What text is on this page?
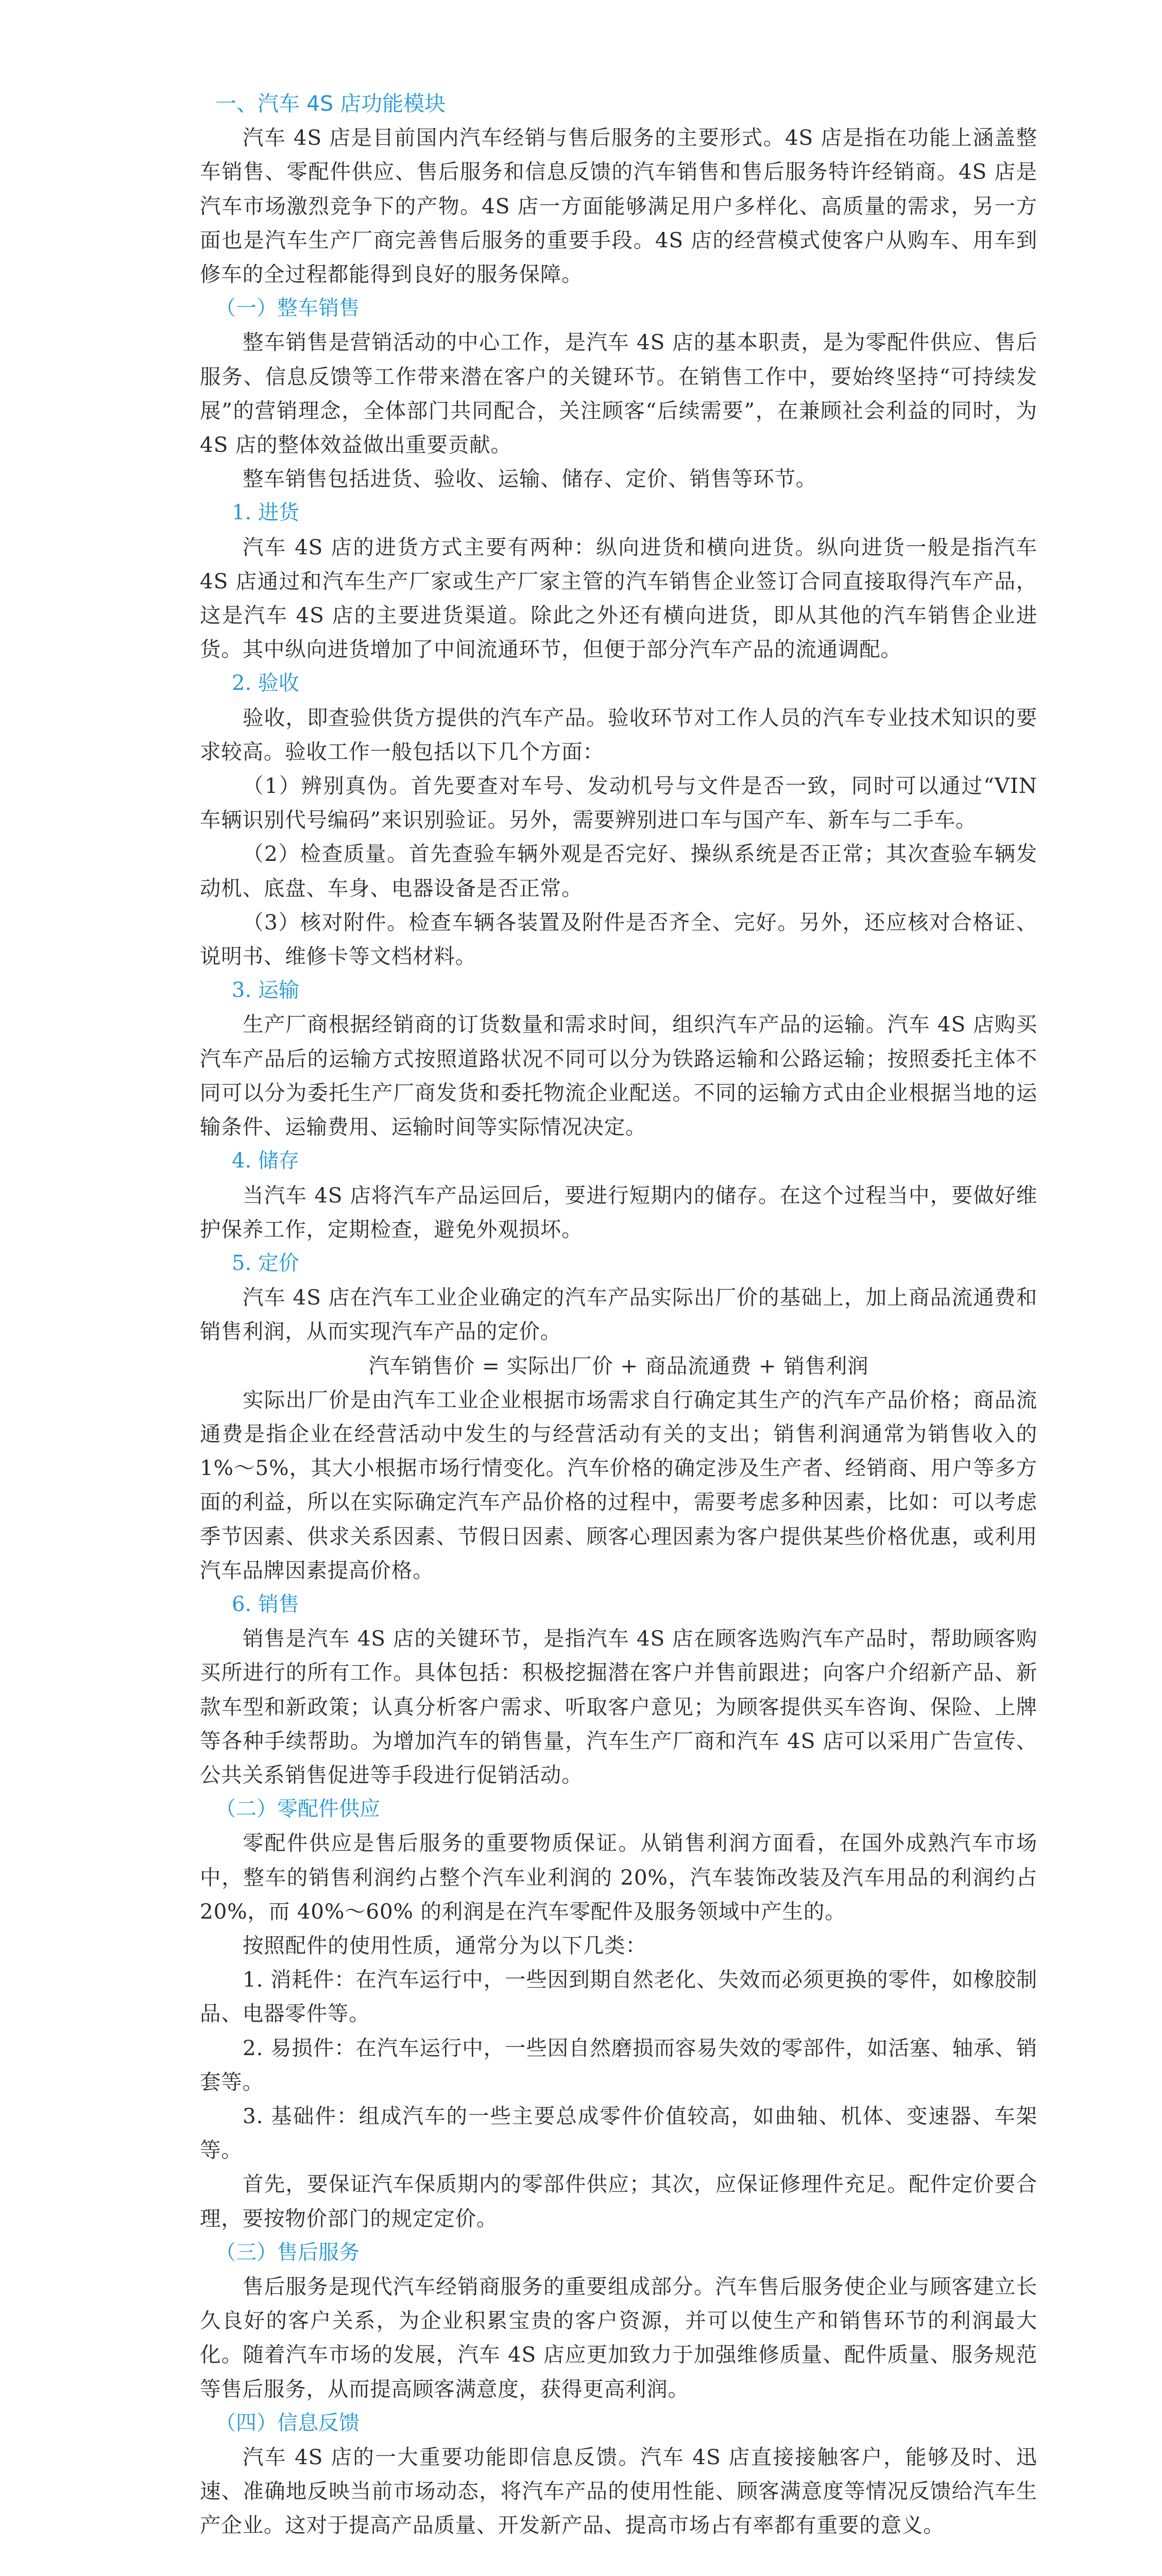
一、汽车 4S 店功能模块

汽车 4S 店是目前国内汽车经销与售后服务的主要形式。4S 店是指在功能上涵盖整车销售、零配件供应、售后服务和信息反馈的汽车销售和售后服务特许经销商。4S 店是汽车市场激烈竞争下的产物。4S 店一方面能够满足用户多样化、高质量的需求，另一方面也是汽车生产厂商完善售后服务的重要手段。4S 店的经营模式使客户从购车、用车到修车的全过程都能得到良好的服务保障。

（一）整车销售

整车销售是营销活动的中心工作，是汽车 4S 店的基本职责，是为零配件供应、售后服务、信息反馈等工作带来潜在客户的关键环节。在销售工作中，要始终坚持“可持续发展”的营销理念，全体部门共同配合，关注顾客“后续需要”，在兼顾社会利益的同时，为 4S 店的整体效益做出重要贡献。

整车销售包括进货、验收、运输、储存、定价、销售等环节。

1. 进货

汽车 4S 店的进货方式主要有两种：纵向进货和横向进货。纵向进货一般是指汽车 4S 店通过和汽车生产厂家或生产厂家主管的汽车销售企业签订合同直接取得汽车产品，这是汽车 4S 店的主要进货渠道。除此之外还有横向进货，即从其他的汽车销售企业进货。其中纵向进货增加了中间流通环节，但便于部分汽车产品的流通调配。

2. 验收

验收，即查验供货方提供的汽车产品。验收环节对工作人员的汽车专业技术知识的要求较高。验收工作一般包括以下几个方面：

（1）辨别真伪。首先要查对车号、发动机号与文件是否一致，同时可以通过“VIN 车辆识别代号编码”来识别验证。另外，需要辨别进口车与国产车、新车与二手车。

（2）检查质量。首先查验车辆外观是否完好、操纵系统是否正常；其次查验车辆发动机、底盘、车身、电器设备是否正常。

（3）核对附件。检查车辆各装置及附件是否齐全、完好。另外，还应核对合格证、说明书、维修卡等文档材料。

3. 运输

生产厂商根据经销商的订货数量和需求时间，组织汽车产品的运输。汽车 4S 店购买汽车产品后的运输方式按照道路状况不同可以分为铁路运输和公路运输；按照委托主体不同可以分为委托生产厂商发货和委托物流企业配送。不同的运输方式由企业根据当地的运输条件、运输费用、运输时间等实际情况决定。

4. 储存

当汽车 4S 店将汽车产品运回后，要进行短期内的储存。在这个过程当中，要做好维护保养工作，定期检查，避免外观损坏。

5. 定价

汽车 4S 店在汽车工业企业确定的汽车产品实际出厂价的基础上，加上商品流通费和销售利润，从而实现汽车产品的定价。

汽车销售价 = 实际出厂价 + 商品流通费 + 销售利润

实际出厂价是由汽车工业企业根据市场需求自行确定其生产的汽车产品价格；商品流通费是指企业在经营活动中发生的与经营活动有关的支出；销售利润通常为销售收入的 1%～5%，其大小根据市场行情变化。汽车价格的确定涉及生产者、经销商、用户等多方面的利益，所以在实际确定汽车产品价格的过程中，需要考虑多种因素，比如：可以考虑季节因素、供求关系因素、节假日因素、顾客心理因素为客户提供某些价格优惠，或利用汽车品牌因素提高价格。

6. 销售

销售是汽车 4S 店的关键环节，是指汽车 4S 店在顾客选购汽车产品时，帮助顾客购买所进行的所有工作。具体包括：积极挖掘潜在客户并售前跟进；向客户介绍新产品、新款车型和新政策；认真分析客户需求、听取客户意见；为顾客提供买车咨询、保险、上牌等各种手续帮助。为增加汽车的销售量，汽车生产厂商和汽车 4S 店可以采用广告宣传、公共关系销售促进等手段进行促销活动。

（二）零配件供应

零配件供应是售后服务的重要物质保证。从销售利润方面看，在国外成熟汽车市场中，整车的销售利润约占整个汽车业利润的 20%，汽车装饰改装及汽车用品的利润约占 20%，而 40%～60% 的利润是在汽车零配件及服务领域中产生的。

按照配件的使用性质，通常分为以下几类：

1. 消耗件：在汽车运行中，一些因到期自然老化、失效而必须更换的零件，如橡胶制品、电器零件等。

2. 易损件：在汽车运行中，一些因自然磨损而容易失效的零部件，如活塞、轴承、销套等。

3. 基础件：组成汽车的一些主要总成零件价值较高，如曲轴、机体、变速器、车架等。

首先，要保证汽车保质期内的零部件供应；其次，应保证修理件充足。配件定价要合理，要按物价部门的规定定价。

（三）售后服务

售后服务是现代汽车经销商服务的重要组成部分。汽车售后服务使企业与顾客建立长久良好的客户关系，为企业积累宝贵的客户资源，并可以使生产和销售环节的利润最大化。随着汽车市场的发展，汽车 4S 店应更加致力于加强维修质量、配件质量、服务规范等售后服务，从而提高顾客满意度，获得更高利润。

（四）信息反馈

汽车 4S 店的一大重要功能即信息反馈。汽车 4S 店直接接触客户，能够及时、迅速、准确地反映当前市场动态，将汽车产品的使用性能、顾客满意度等情况反馈给汽车生产企业。这对于提高产品质量、开发新产品、提高市场占有率都有重要的意义。
